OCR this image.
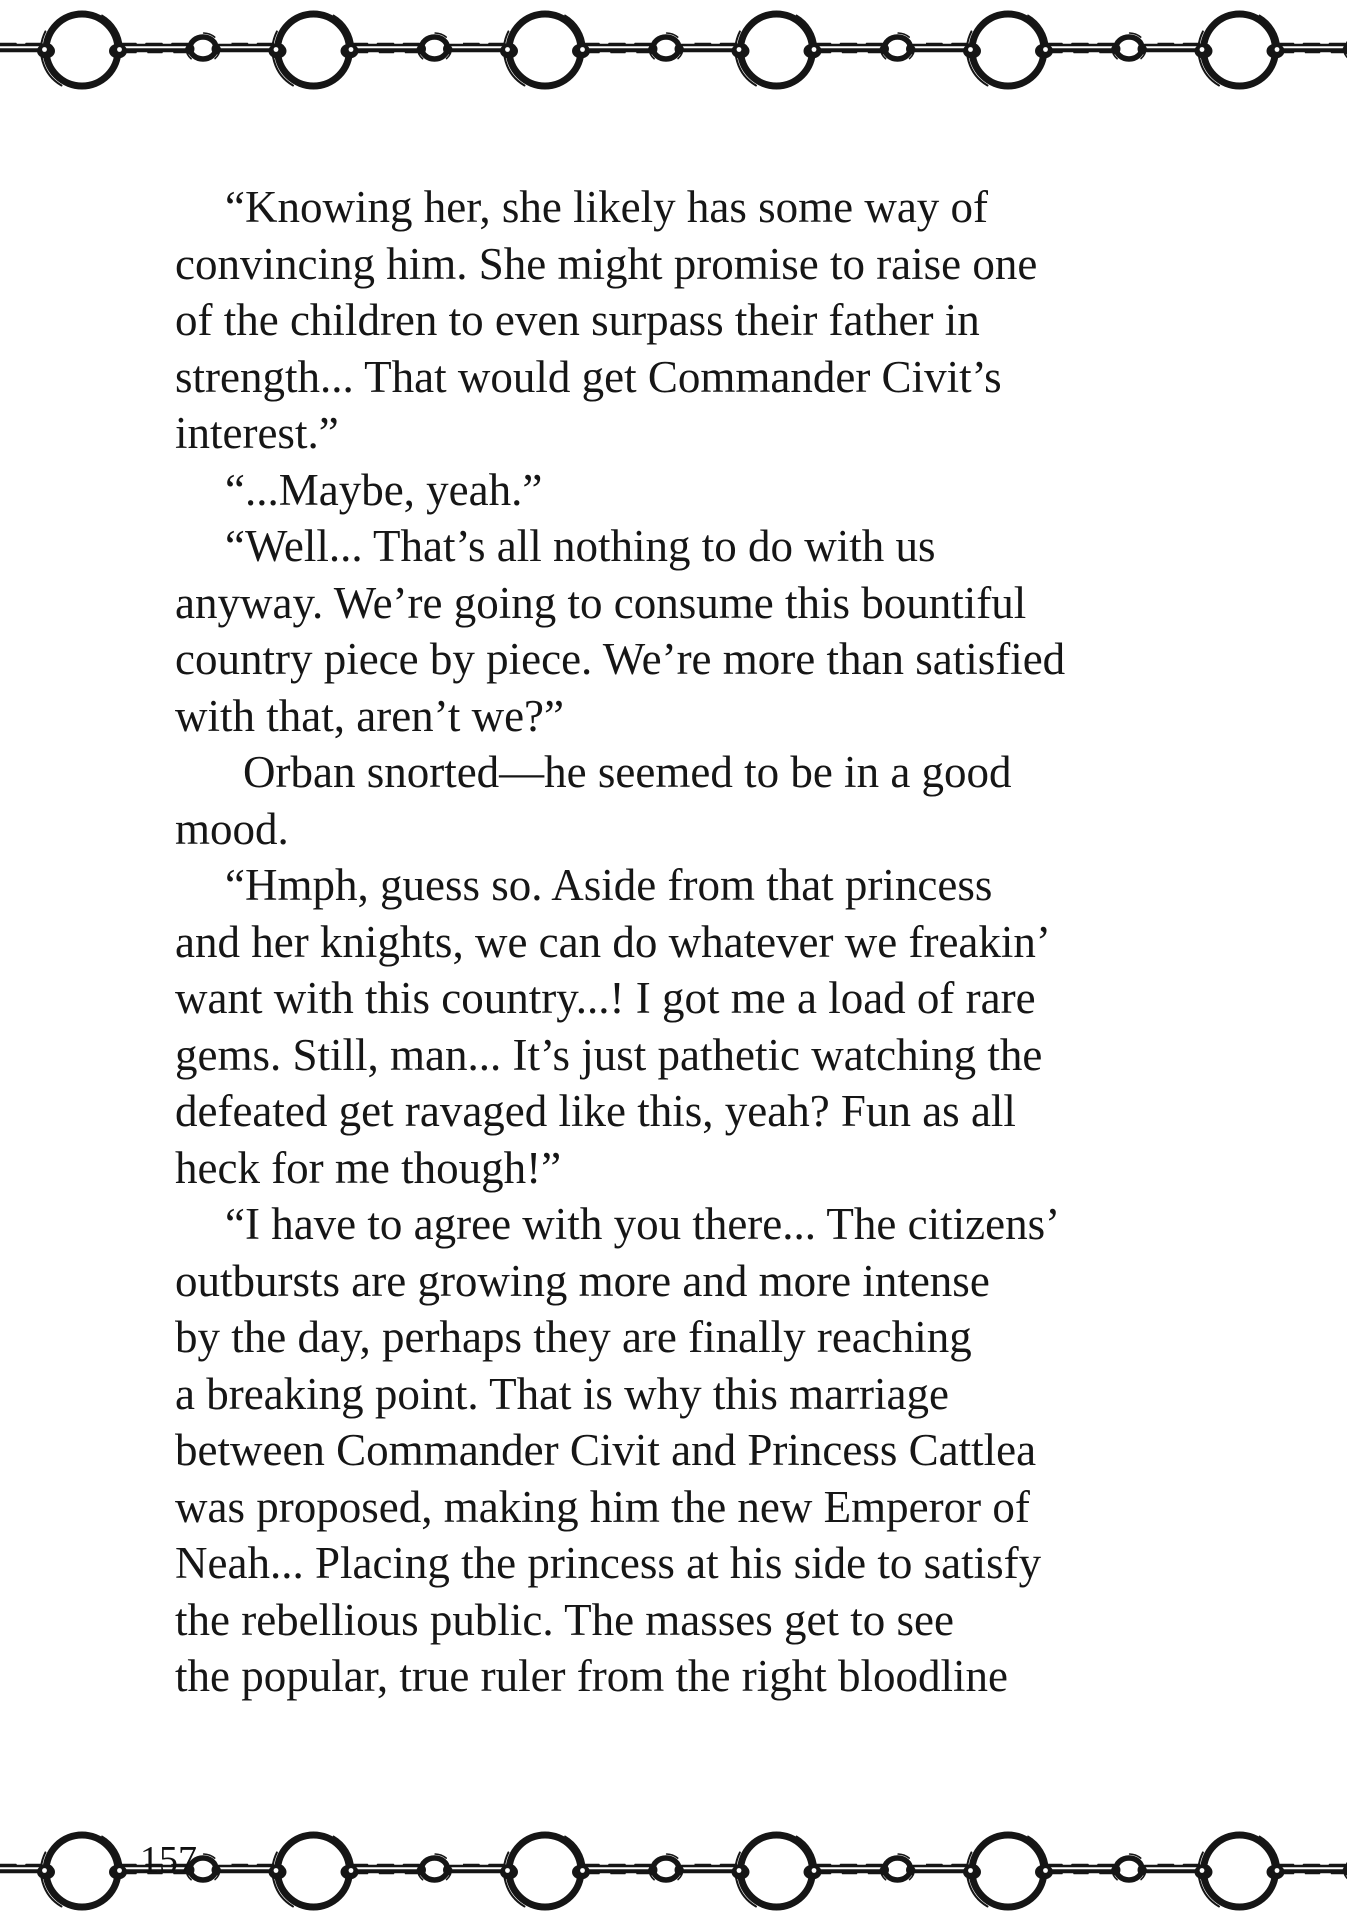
“Knowing her, she likely has some way of
convincing him. She might promise to raise one
of the children to even surpass their father in
strength... That would get Commander Civit’s
interest.”
“...Maybe, yeah.”
“Well... That’s all nothing to do with us
anyway. We’re going to consume this bountiful
country piece by piece. We’re more than satisfied
with that, aren’t we?”
Orban snorted—he seemed to be in a good
mood.
“Hmph, guess so. Aside from that princess
and her knights, we can do whatever we freakin’
want with this country...! I got me a load of rare
gems. Still, man... It’s just pathetic watching the
defeated get ravaged like this, yeah? Fun as all
heck for me though!”
“I have to agree with you there... The citizens’
outbursts are growing more and more intense
by the day, perhaps they are finally reaching
a breaking point. That is why this marriage
between Commander Civit and Princess Cattlea
was proposed, making him the new Emperor of
Neah... Placing the princess at his side to satisfy
the rebellious public. The masses get to see
the popular, true ruler from the right bloodline
157
